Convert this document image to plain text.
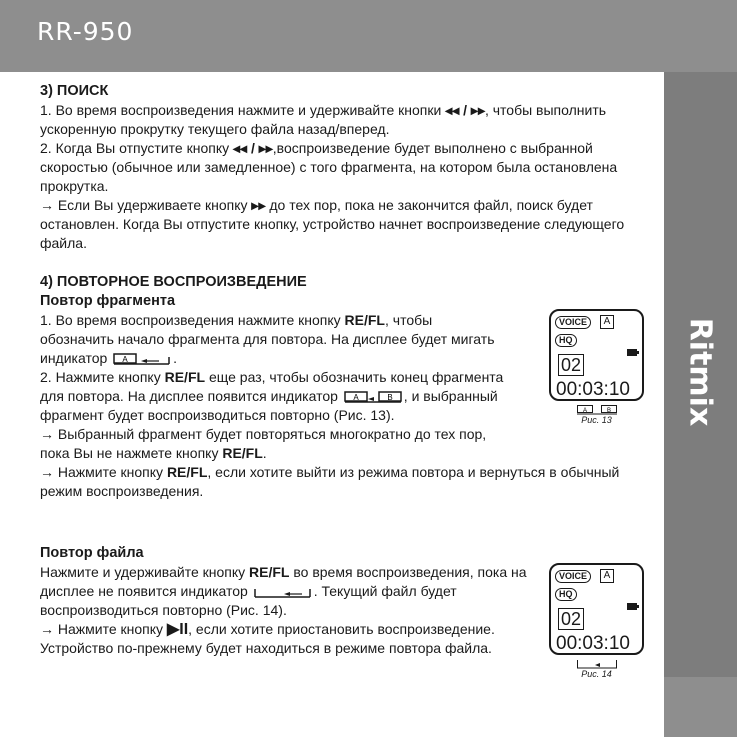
RR-950
Ritmix

3) ПОИСК

1. Во время воспроизведения нажмите и удерживайте кнопки ◂◂ / ▸▸, чтобы выполнить ускоренную прокрутку текущего файла назад/вперед.

2. Когда Вы отпустите кнопку ◂◂ / ▸▸,воспроизведение будет выполнено с выбранной скоростью (обычное или замедленное) с того фрагмента, на котором была остановлена прокрутка.

→ Если Вы удерживаете кнопку ▸▸ до тех пор, пока не закончится файл, поиск будет остановлен. Когда Вы отпустите кнопку, устройство начнет воспроизведение следующего файла.

4) ПОВТОРНОЕ ВОСПРОИЗВЕДЕНИЕ

Повтор фрагмента

1. Во время воспроизведения нажмите кнопку RE/FL, чтобы обозначить начало фрагмента для повтора. На дисплее будет мигать индикатор A	.

2. Нажмите кнопку RE/FL еще раз, чтобы обозначить конец фрагмента для повтора. На дисплее появится индикатор A	B , и выбранный фрагмент будет воспроизводиться повторно (Рис. 13).

→ Выбранный фрагмент будет повторяться многократно до тех пор, пока Вы не нажмете кнопку RE/FL.

→ Нажмите кнопку RE/FL, если хотите выйти из режима повтора и вернуться в обычный режим воспроизведения.

VOICE	A
HQ
02
00:03:10
A	B
Рис. 13

Повтор файла

Нажмите и удерживайте кнопку RE/FL во время воспроизведения, пока на дисплее не появится индикатор	. Текущий файл будет воспроизводиться повторно (Рис. 14).

→ Нажмите кнопку ▶II, если хотите приостановить воспроизведение. Устройство по-прежнему будет находиться в режиме повтора файла.

VOICE	A
HQ
02
00:03:10
Рис. 14
